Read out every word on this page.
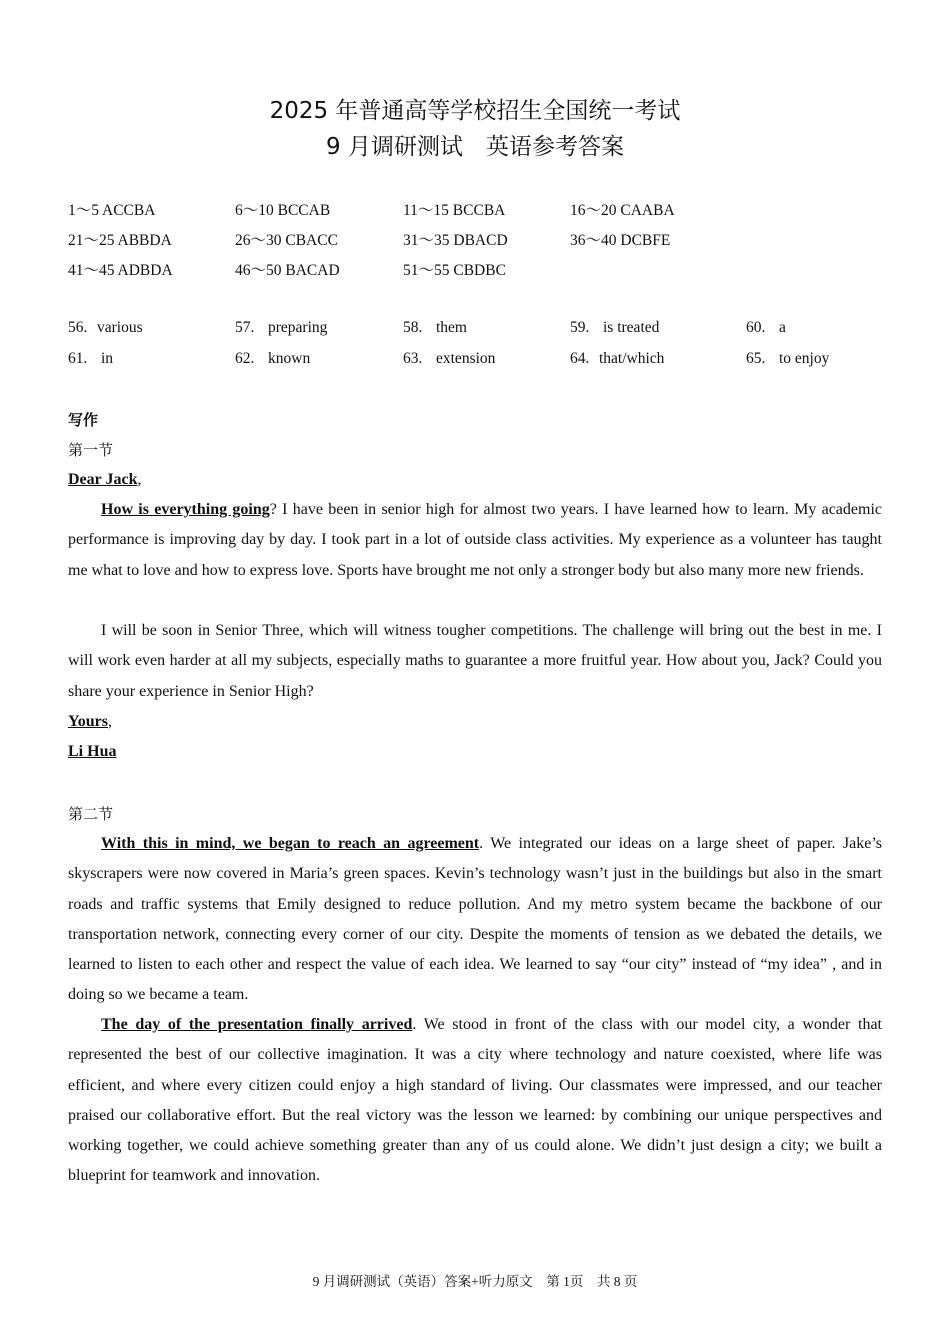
2025 年普通高等学校招生全国统一考试
9 月调研测试　英语参考答案
1～5 ACCBA	6～10 BCCAB	11～15 BCCBA	16～20 CAABA
21～25 ABBDA	26～30 CBACC	31～35 DBACD	36～40 DCBFE
41～45 ADBDA	46～50 BACAD	51～55 CBDBC
56. various	57. preparing	58. them	59. is treated	60. a
61. in	62. known	63. extension	64. that/which	65. to enjoy
写作
第一节
Dear Jack,
How is everything going? I have been in senior high for almost two years. I have learned how to learn. My academic performance is improving day by day. I took part in a lot of outside class activities. My experience as a volunteer has taught me what to love and how to express love. Sports have brought me not only a stronger body but also many more new friends.
I will be soon in Senior Three, which will witness tougher competitions. The challenge will bring out the best in me. I will work even harder at all my subjects, especially maths to guarantee a more fruitful year. How about you, Jack? Could you share your experience in Senior High?
Yours,
Li Hua
第二节
With this in mind, we began to reach an agreement. We integrated our ideas on a large sheet of paper. Jake’s skyscrapers were now covered in Maria’s green spaces. Kevin’s technology wasn’t just in the buildings but also in the smart roads and traffic systems that Emily designed to reduce pollution. And my metro system became the backbone of our transportation network, connecting every corner of our city. Despite the moments of tension as we debated the details, we learned to listen to each other and respect the value of each idea. We learned to say “our city” instead of “my idea” , and in doing so we became a team.
The day of the presentation finally arrived. We stood in front of the class with our model city, a wonder that represented the best of our collective imagination. It was a city where technology and nature coexisted, where life was efficient, and where every citizen could enjoy a high standard of living. Our classmates were impressed, and our teacher praised our collaborative effort. But the real victory was the lesson we learned: by combining our unique perspectives and working together, we could achieve something greater than any of us could alone. We didn’t just design a city; we built a blueprint for teamwork and innovation.
9 月调研测试（英语）答案+听力原文　第 1页　共 8 页
